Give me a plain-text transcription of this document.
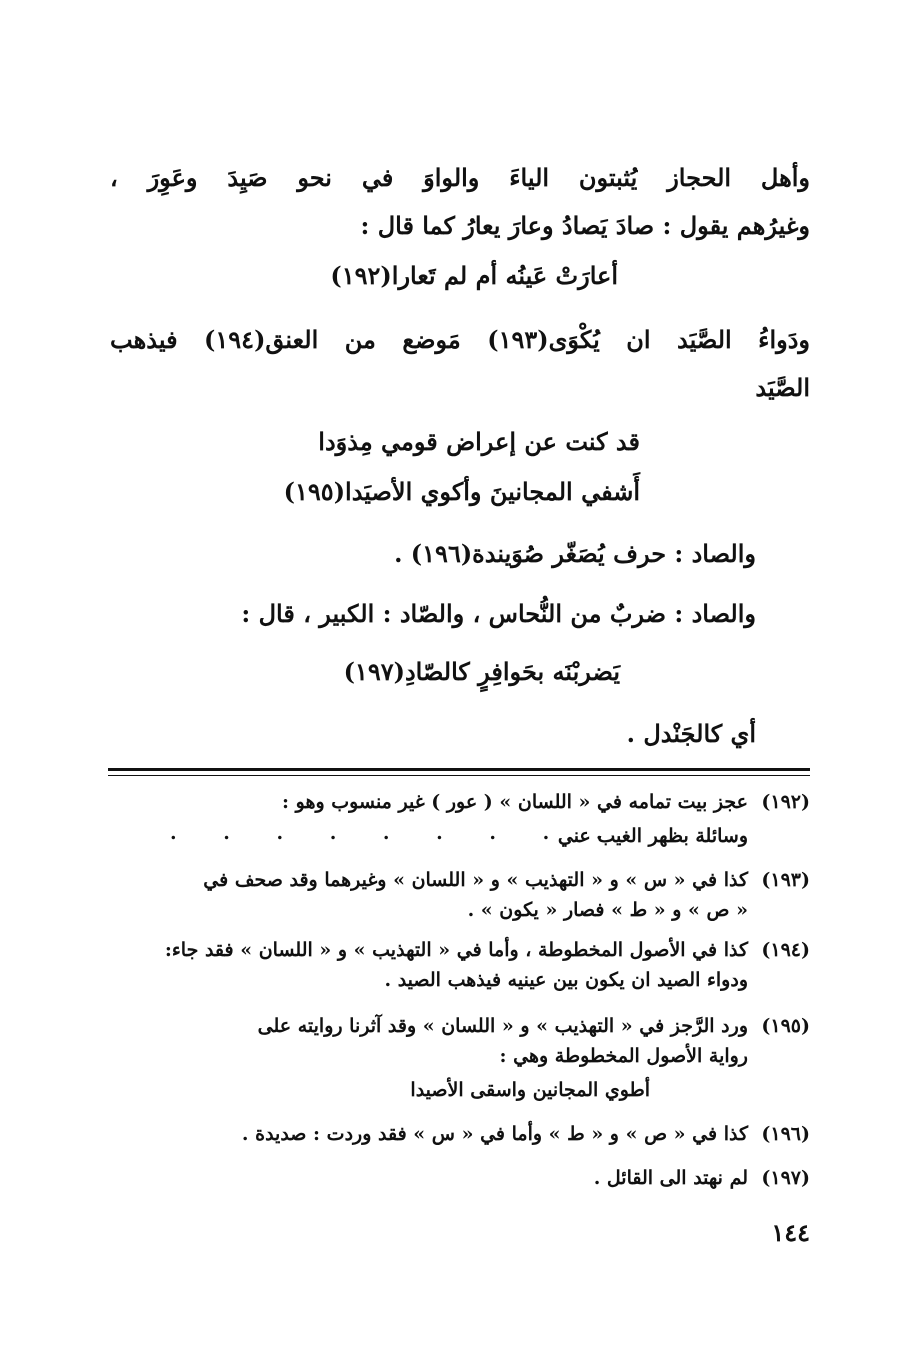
وأهل الحجاز يُثبتون الياءَ والواوَ في نحو صَيِدَ وعَوِرَ ،
وغيرُهم يقول : صادَ يَصادُ وعارَ يعارُ كما قال :
أعارَتْ عَينُه أم لم تَعارا(١٩٢)
ودَواءُ الصَّيَد ان يُكْوَى(١٩٣) مَوضع من العنق(١٩٤) فيذهب
الصَّيَد
قد كنت عن إعراض قومي مِذوَدا
أَشفي المجانينَ وأكوي الأصيَدا(١٩٥)
والصاد : حرف يُصَغّر صُوَيندة(١٩٦) .
والصاد : ضربٌ من النُّحاس ، والصّاد : الكبير ، قال :
يَضربْنَه بحَوافِرٍ كالصّادِ(١٩٧)
أي كالجَنْدل .
(١٩٢)عجز بيت تمامه في « اللسان » ( عور ) غير منسوب وهو :
وسائلة بظهر الغيب عني
. . . . . . . . .
(١٩٣)كذا في « س » و « التهذيب » و « اللسان » وغيرهما وقد صحف في
« ص » و « ط » فصار « يكون » .
(١٩٤)كذا في الأصول المخطوطة ، وأما في « التهذيب » و « اللسان » فقد جاء:
ودواء الصيد ان يكون بين عينيه فيذهب الصيد .
(١٩٥)ورد الرَّجز في « التهذيب » و « اللسان » وقد آثرنا روايته على
رواية الأصول المخطوطة وهي :
أطوي المجانين واسقى الأصيدا
(١٩٦)كذا في « ص » و « ط » وأما في « س » فقد وردت : صديدة .
(١٩٧)لم نهتد الى القائل .
١٤٤
